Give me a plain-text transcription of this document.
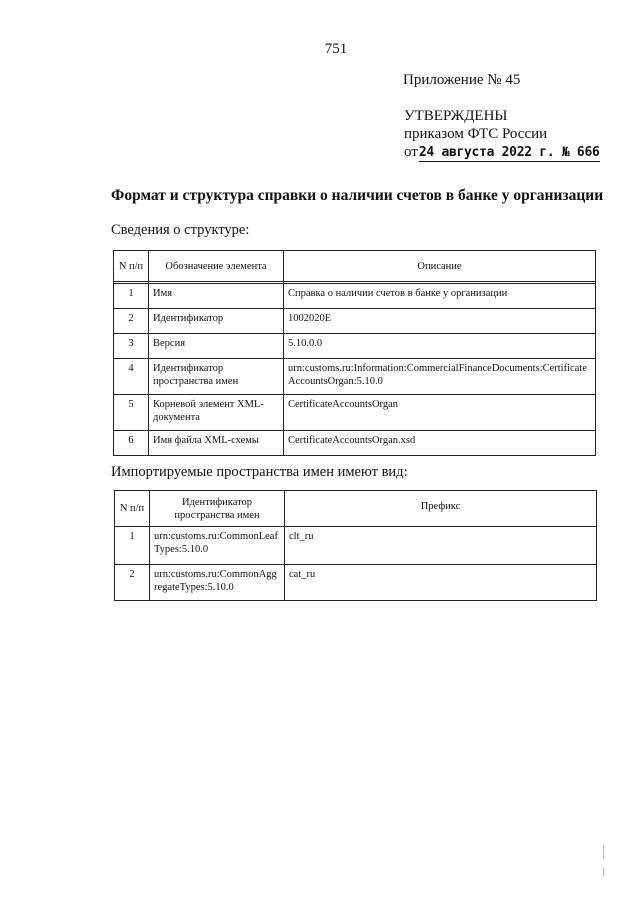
751
Приложение № 45
УТВЕРЖДЕНЫ
приказом ФТС России
от 24 августа 2022 г. № 666
Формат и структура справки о наличии счетов в банке у организации
Сведения о структуре:
N п/п	Обозначение элемента	Описание

1	Имя	Справка о наличии счетов в банке у организации
2	Идентификатор	1002020E
3	Версия	5.10.0.0
4	Идентификатор пространства имен	urn:customs.ru:Information:CommercialFinanceDocuments:CertificateAccountsOrgan:5.10.0
5	Корневой элемент XML-документа	CertificateAccountsOrgan
6	Имя файла XML-схемы	CertificateAccountsOrgan.xsd
Импортируемые пространства имен имеют вид:
N п/п	Идентификатор пространства имен	Префикс
1	urn:customs.ru:CommonLeafTypes:5.10.0	clt_ru
2	urn:customs.ru:CommonAggregateTypes:5.10.0	cat_ru
